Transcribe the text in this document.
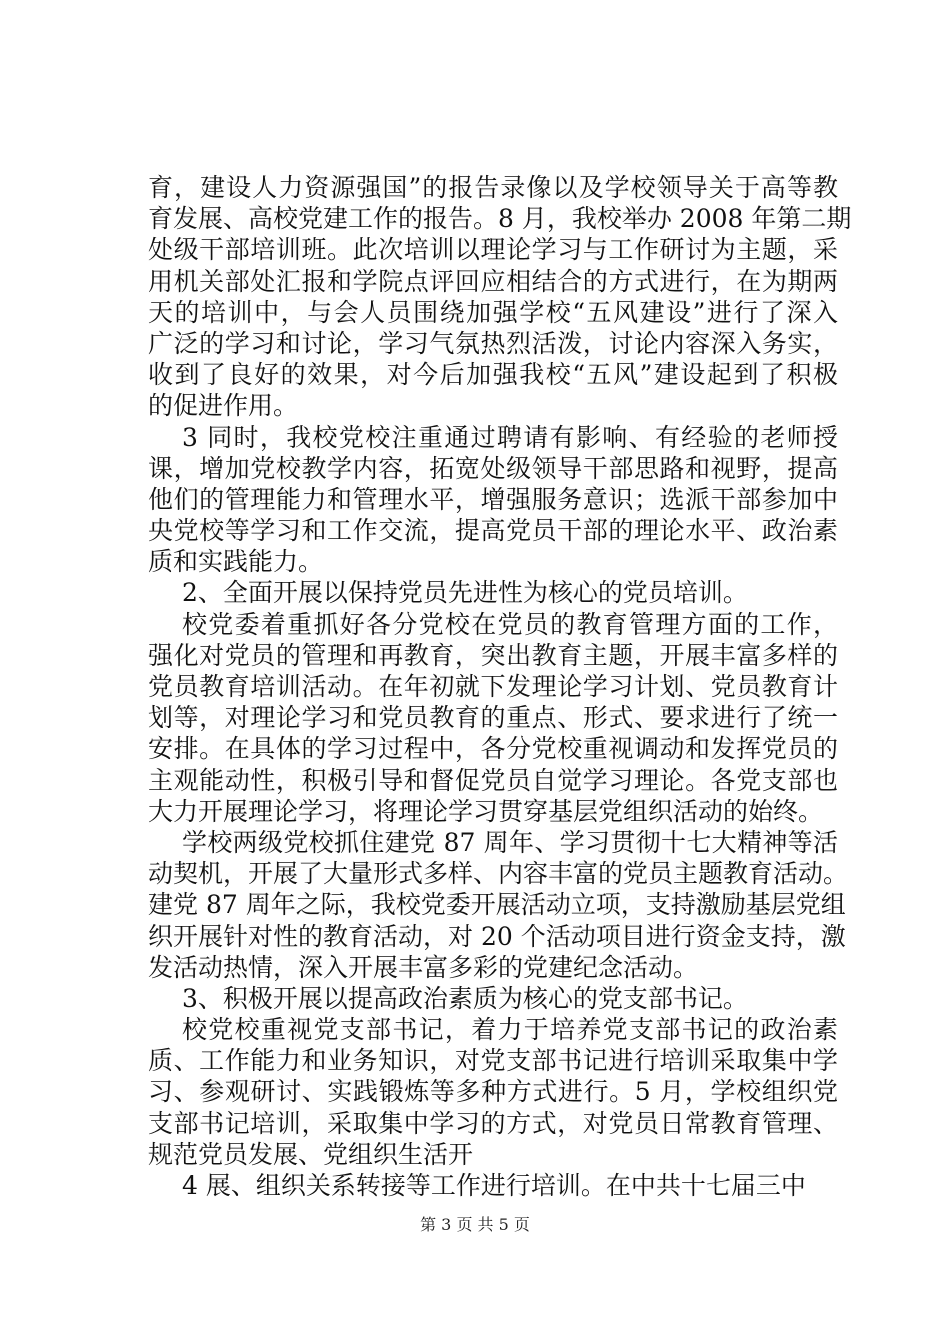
育，建设人力资源强国”的报告录像以及学校领导关于高等教
育发展、高校党建工作的报告。8 月，我校举办 2008 年第二期
处级干部培训班。此次培训以理论学习与工作研讨为主题，采
用机关部处汇报和学院点评回应相结合的方式进行，在为期两
天的培训中，与会人员围绕加强学校“五风建设”进行了深入
广泛的学习和讨论，学习气氛热烈活泼，讨论内容深入务实，
收到了良好的效果，对今后加强我校“五风”建设起到了积极
的促进作用。
3 同时，我校党校注重通过聘请有影响、有经验的老师授
课，增加党校教学内容，拓宽处级领导干部思路和视野，提高
他们的管理能力和管理水平，增强服务意识；选派干部参加中
央党校等学习和工作交流，提高党员干部的理论水平、政治素
质和实践能力。
2、全面开展以保持党员先进性为核心的党员培训。
校党委着重抓好各分党校在党员的教育管理方面的工作，
强化对党员的管理和再教育，突出教育主题，开展丰富多样的
党员教育培训活动。在年初就下发理论学习计划、党员教育计
划等，对理论学习和党员教育的重点、形式、要求进行了统一
安排。在具体的学习过程中，各分党校重视调动和发挥党员的
主观能动性，积极引导和督促党员自觉学习理论。各党支部也
大力开展理论学习，将理论学习贯穿基层党组织活动的始终。
学校两级党校抓住建党 87 周年、学习贯彻十七大精神等活
动契机，开展了大量形式多样、内容丰富的党员主题教育活动。
建党 87 周年之际，我校党委开展活动立项，支持激励基层党组
织开展针对性的教育活动，对 20 个活动项目进行资金支持，激
发活动热情，深入开展丰富多彩的党建纪念活动。
3、积极开展以提高政治素质为核心的党支部书记。
校党校重视党支部书记，着力于培养党支部书记的政治素
质、工作能力和业务知识，对党支部书记进行培训采取集中学
习、参观研讨、实践锻炼等多种方式进行。5 月，学校组织党
支部书记培训，采取集中学习的方式，对党员日常教育管理、
规范党员发展、党组织生活开
4 展、组织关系转接等工作进行培训。在中共十七届三中
第 3 页 共 5 页
